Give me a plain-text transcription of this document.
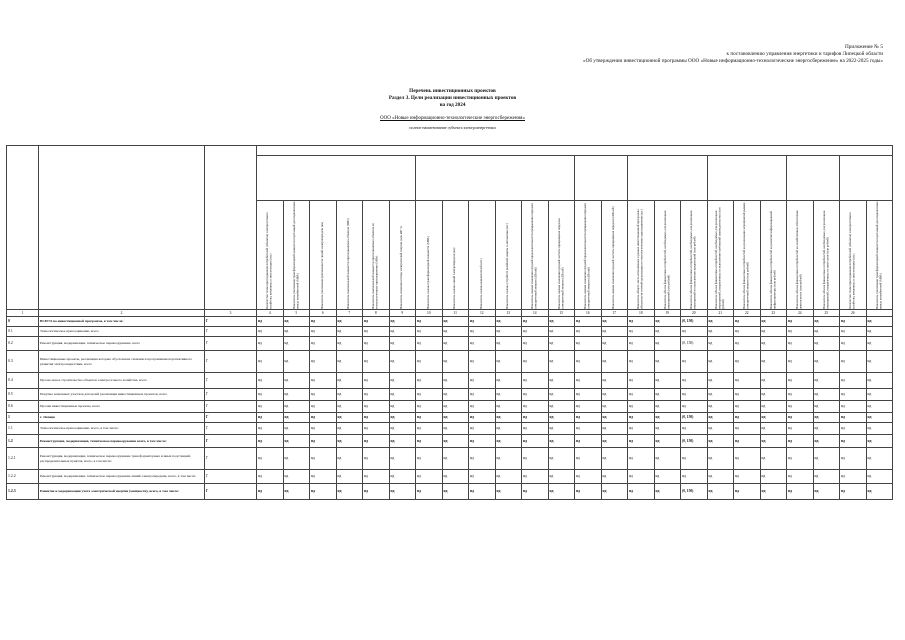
Приложение № 5
к постановлению управления энергетики и тарифов Липецкой области
«Об утверждении инвестиционной программы ООО «Новые информационно-технологические энергосбережение» на 2022-2025 годы»
Перечень инвестиционных проектов
Раздел 3. Цели реализации инвестиционных проектов
на год 2024
ООО «Новые информационно-технологические энергосбережения»
полное наименование субъекта электроэнергетики

			Количество точек присоединения потребителей (объектов) электросетевого хозяйства, введенных в эксплуатацию (шт.)	Показатель увеличения трансформаторной мощности подстанций для подключения новых потребителей (МВА)	Показатель увеличения протяженности линий электропередачи (км)	Показатель максимальной мощности присоединяемых объектов (МВт)	Показатель максимальной мощности присоединяемых объектов по технологическому присоединению (МВт)	Показатель снижения потерь электрической энергии (млн кВт·ч)	Показатель замены трансформаторной мощности (МВА)	Показатель замены линий электропередачи (км)	Показатель замены выключателей (шт.)	Показатель замены устройств релейной защиты и автоматики (шт.)	Показатель оценки изменения средней продолжительности прекращения передачи электрической энергии (ΔПsaidi)	Показатель оценки изменения средней частоты прекращения передачи электрической энергии (ΔПsaifi)	Показатель оценки изменения средней продолжительности прекращения передачи электрической энергии (ΔПsaidi)	Показатель оценки изменения средней частоты прекращения передачи (ΔПsaifi)	Показатель общего числа исполненных в рамках инвестиционной программы обязательств сетевой организации по технологическому присоединению (шт.)	Показатель объема финансовых потребностей, необходимых для реализации мероприятий (млн рублей)	Показатель объема финансовых потребностей, необходимых для реализации мероприятий по выполнению предписаний (млн рублей)	Показатель объема финансовых потребностей, необходимых для реализации мероприятий, направленных на выполнение требований законодательства (млн рублей)	Показатель объема финансовых потребностей на реализацию мероприятий рынков электрической энергии (млн рублей)	Показатель объема финансовых потребностей на развитие информационной инфраструктуры (млн рублей)	Показатель объема финансовых потребностей на хозяйственное обеспечение деятельности (млн рублей)	Показатель объема финансовых потребностей, необходимых для реализации мероприятий, направленных на иные цели (млн рублей)	Количество точек присоединения потребителей (объектов) электросетевого хозяйства, введенных в эксплуатацию (шт.)	Показатель увеличения трансформаторной мощности подстанций для подключения новых потребителей (МВА)

1	2	3	4	5	6	7	8	9	10	11	12	13	14	15	16	17	18	19	20	21	22	23	24	25	26	
0	ВСЕГО по инвестиционной программе, в том числе:	Г	нд	нд	нд	нд	нд	нд	нд	нд	нд	нд	нд	нд	нд	нд	нд	нд	(0, 150)	нд	нд	нд	нд	нд	нд	нд
0.1	Технологическое присоединение, всего	Г	нд	нд	нд	нд	нд	нд	нд	нд	нд	нд	нд	нд	нд	нд	нд	нд	нд	нд	нд	нд	нд	нд	нд	нд
0.2	Реконструкция, модернизация, техническое перевооружение, всего	Г	нд	нд	нд	нд	нд	нд	нд	нд	нд	нд	нд	нд	нд	нд	нд	нд	(0, 150)	нд	нд	нд	нд	нд	нд	нд
0.3	Инвестиционные проекты, реализация которых обусловлена схемами и программами перспективного развития электроэнергетики, всего	Г	нд	нд	нд	нд	нд	нд	нд	нд	нд	нд	нд	нд	нд	нд	нд	нд	нд	нд	нд	нд	нд	нд	нд	нд
0.4	Прочее новое строительство объектов электросетевого хозяйства, всего	Г	нд	нд	нд	нд	нд	нд	нд	нд	нд	нд	нд	нд	нд	нд	нд	нд	нд	нд	нд	нд	нд	нд	нд	нд
0.5	Покупка земельных участков для целей реализации инвестиционных проектов, всего	Г	нд	нд	нд	нд	нд	нд	нд	нд	нд	нд	нд	нд	нд	нд	нд	нд	нд	нд	нд	нд	нд	нд	нд	нд
0.6	Прочие инвестиционные проекты, всего	Г	нд	нд	нд	нд	нд	нд	нд	нд	нд	нд	нд	нд	нд	нд	нд	нд	нд	нд	нд	нд	нд	нд	нд	нд
1	г. Липецк	Г	нд	нд	нд	нд	нд	нд	нд	нд	нд	нд	нд	нд	нд	нд	нд	нд	(0, 150)	нд	нд	нд	нд	нд	нд	нд
1.1	Технологическое присоединение, всего, в том числе:	Г	нд	нд	нд	нд	нд	нд	нд	нд	нд	нд	нд	нд	нд	нд	нд	нд	нд	нд	нд	нд	нд	нд	нд	нд
1.2	Реконструкция, модернизация, техническое перевооружение всего, в том числе:	Г	нд	нд	нд	нд	нд	нд	нд	нд	нд	нд	нд	нд	нд	нд	нд	нд	(0, 150)	нд	нд	нд	нд	нд	нд	нд
1.2.1	Реконструкция, модернизация, техническое перевооружение трансформаторных и иных подстанций, распределительных пунктов, всего, в том числе:	Г	нд	нд	нд	нд	нд	нд	нд	нд	нд	нд	нд	нд	нд	нд	нд	нд	нд	нд	нд	нд	нд	нд	нд	нд
1.2.2	Реконструкция, модернизация, техническое перевооружение линий электропередачи, всего, в том числе:	Г	нд	нд	нд	нд	нд	нд	нд	нд	нд	нд	нд	нд	нд	нд	нд	нд	нд	нд	нд	нд	нд	нд	нд	нд
1.2.3	Развитие и модернизация учета электрической энергии (мощности), всего, в том числе:	Г	нд	нд	нд	нд	нд	нд	нд	нд	нд	нд	нд	нд	нд	нд	нд	нд	(0, 150)	нд	нд	нд	нд	нд	нд	нд
